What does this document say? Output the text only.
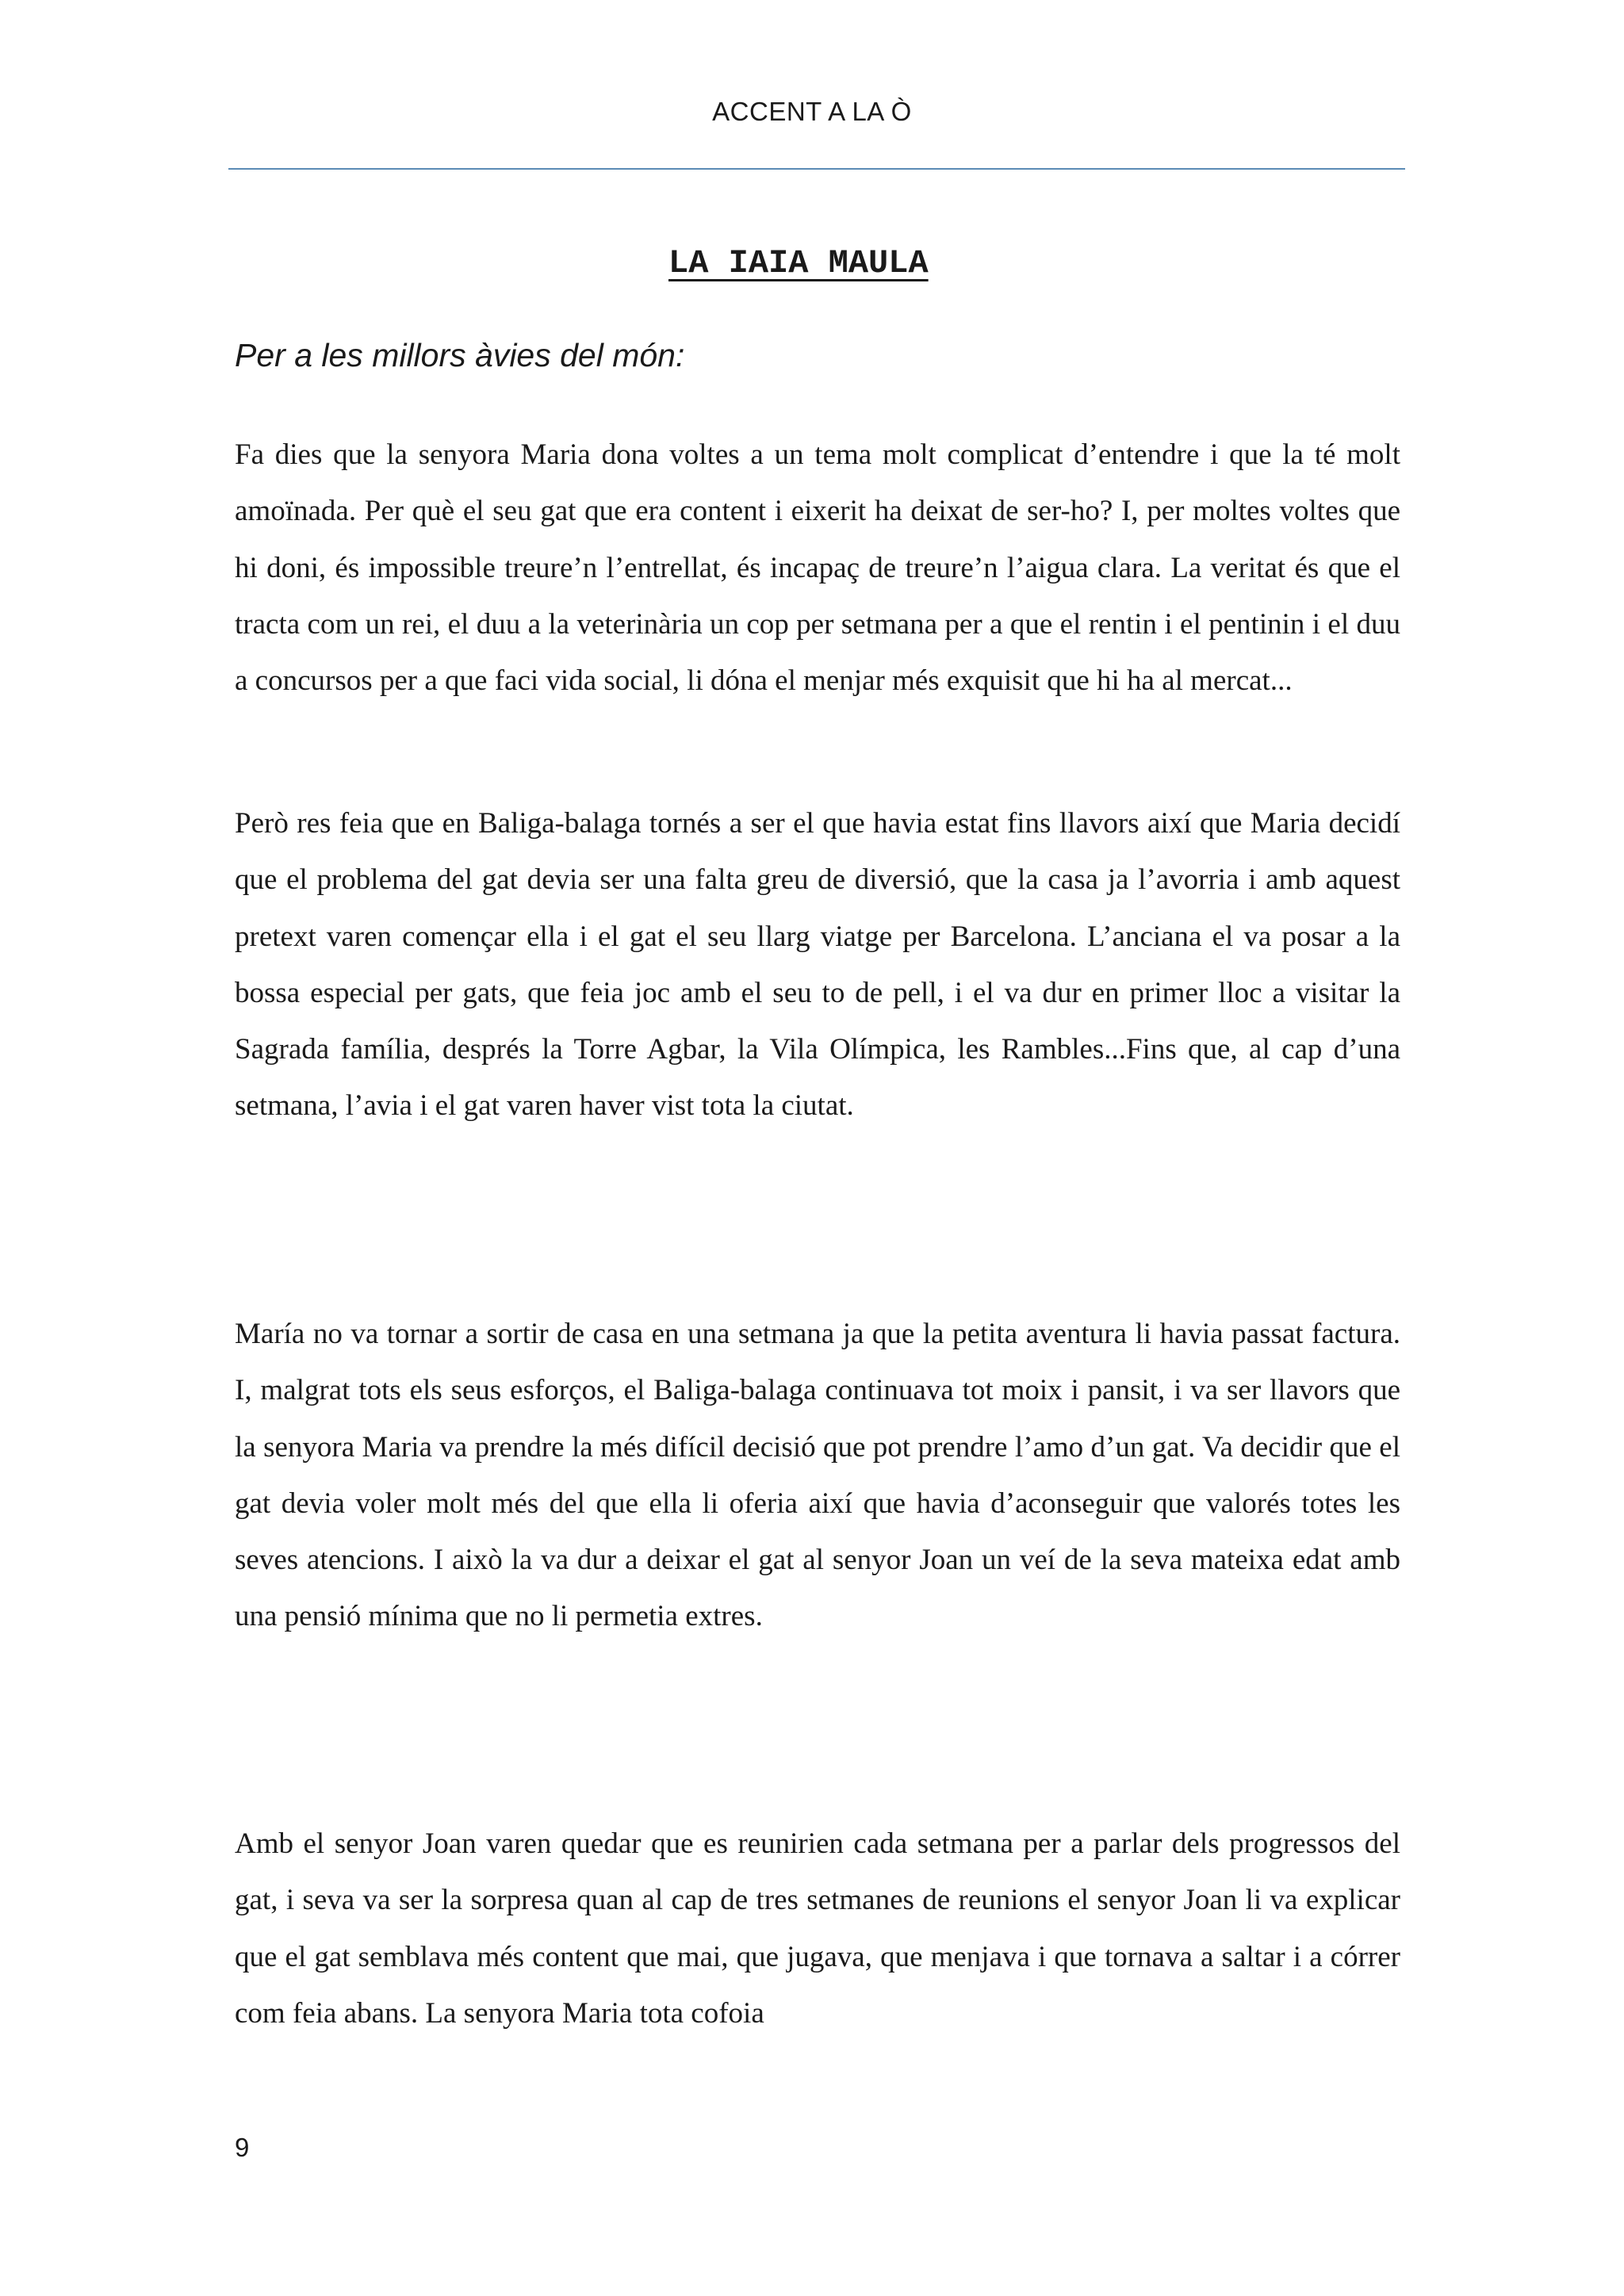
ACCENT A LA Ò
LA IAIA MAULA
Per a les millors àvies del món:

Fa dies que la senyora Maria dona voltes a un tema molt complicat d’entendre i que la té molt amoïnada. Per què el seu gat que era content i eixerit ha deixat de ser-ho? I, per moltes voltes que hi doni, és impossible treure’n l’entrellat, és incapaç de treure’n l’aigua clara. La veritat és que el tracta com un rei, el duu a la veterinària un cop per setmana per a que el rentin i el pentinin i el duu a concursos per a que faci vida social, li dóna el menjar més exquisit que hi ha al mercat...

Però res feia que en Baliga-balaga tornés a ser el que havia estat fins llavors així que Maria decidí que el problema del gat devia ser una falta greu de diversió, que la casa ja l’avorria i amb aquest pretext varen començar ella i el gat el seu llarg viatge per Barcelona. L’anciana el va posar a la bossa especial per gats, que feia joc amb el seu to de pell, i el va dur en primer lloc a visitar la Sagrada família, després la Torre Agbar, la Vila Olímpica, les Rambles...Fins que, al cap d’una setmana, l’avia i el gat varen haver vist tota la ciutat.

María no va tornar a sortir de casa en una setmana ja que la petita aventura li havia passat factura. I, malgrat tots els seus esforços, el Baliga-balaga continuava tot moix i pansit, i va ser llavors que la senyora Maria va prendre la més difícil decisió que pot prendre l’amo d’un gat. Va decidir que el gat devia voler molt més del que ella li oferia així que havia d’aconseguir que valorés totes les seves atencions. I això la va dur a deixar el gat al senyor Joan un veí de la seva mateixa edat amb una pensió mínima que no li permetia extres.

Amb el senyor Joan varen quedar que es reunirien cada setmana per a parlar dels progressos del gat, i seva va ser la sorpresa quan al cap de tres setmanes de reunions el senyor Joan li va explicar que el gat semblava més content que mai, que jugava, que menjava i que tornava a saltar i a córrer com feia abans. La senyora Maria tota cofoia

9
